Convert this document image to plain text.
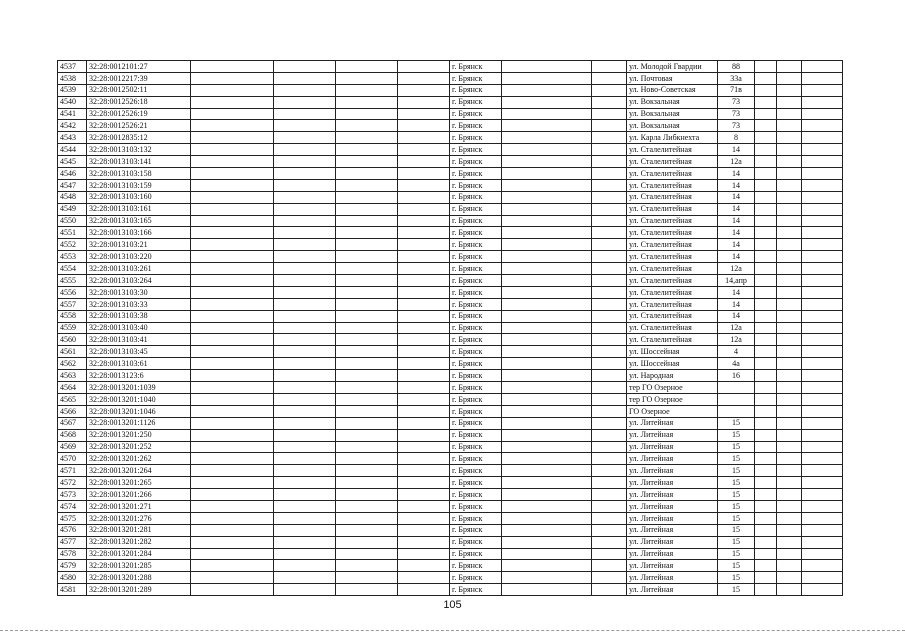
4537	32:28:0012101:27					г. Брянск			ул. Молодой Гвардии	88			
4538	32:28:0012217:39					г. Брянск			ул. Почтовая	33а			
4539	32:28:0012502:11					г. Брянск			ул. Ново-Советская	71в			
4540	32:28:0012526:18					г. Брянск			ул. Вокзальная	73			
4541	32:28:0012526:19					г. Брянск			ул. Вокзальная	73			
4542	32:28:0012526:21					г. Брянск			ул. Вокзальная	73			
4543	32:28:0012835:12					г. Брянск			ул. Карла Либкнехта	8			
4544	32:28:0013103:132					г. Брянск			ул. Сталелитейная	14			
4545	32:28:0013103:141					г. Брянск			ул. Сталелитейная	12а			
4546	32:28:0013103:158					г. Брянск			ул. Сталелитейная	14			
4547	32:28:0013103:159					г. Брянск			ул. Сталелитейная	14			
4548	32:28:0013103:160					г. Брянск			ул. Сталелитейная	14			
4549	32:28:0013103:161					г. Брянск			ул. Сталелитейная	14			
4550	32:28:0013103:165					г. Брянск			ул. Сталелитейная	14			
4551	32:28:0013103:166					г. Брянск			ул. Сталелитейная	14			
4552	32:28:0013103:21					г. Брянск			ул. Сталелитейная	14			
4553	32:28:0013103:220					г. Брянск			ул. Сталелитейная	14			
4554	32:28:0013103:261					г. Брянск			ул. Сталелитейная	12а			
4555	32:28:0013103:264					г. Брянск			ул. Сталелитейная	14,апр			
4556	32:28:0013103:30					г. Брянск			ул. Сталелитейная	14			
4557	32:28:0013103:33					г. Брянск			ул. Сталелитейная	14			
4558	32:28:0013103:38					г. Брянск			ул. Сталелитейная	14			
4559	32:28:0013103:40					г. Брянск			ул. Сталелитейная	12а			
4560	32:28:0013103:41					г. Брянск			ул. Сталелитейная	12а			
4561	32:28:0013103:45					г. Брянск			ул. Шоссейная	4			
4562	32:28:0013103:61					г. Брянск			ул. Шоссейная	4а			
4563	32:28:0013123:6					г. Брянск			ул. Народная	16			
4564	32:28:0013201:1039					г. Брянск			тер ГО Озерное				
4565	32:28:0013201:1040					г. Брянск			тер ГО Озерное				
4566	32:28:0013201:1046					г. Брянск			ГО Озерное				
4567	32:28:0013201:1126					г. Брянск			ул. Литейная	15			
4568	32:28:0013201:250					г. Брянск			ул. Литейная	15			
4569	32:28:0013201:252					г. Брянск			ул. Литейная	15			
4570	32:28:0013201:262					г. Брянск			ул. Литейная	15			
4571	32:28:0013201:264					г. Брянск			ул. Литейная	15			
4572	32:28:0013201:265					г. Брянск			ул. Литейная	15			
4573	32:28:0013201:266					г. Брянск			ул. Литейная	15			
4574	32:28:0013201:271					г. Брянск			ул. Литейная	15			
4575	32:28:0013201:276					г. Брянск			ул. Литейная	15			
4576	32:28:0013201:281					г. Брянск			ул. Литейная	15			
4577	32:28:0013201:282					г. Брянск			ул. Литейная	15			
4578	32:28:0013201:284					г. Брянск			ул. Литейная	15			
4579	32:28:0013201:285					г. Брянск			ул. Литейная	15			
4580	32:28:0013201:288					г. Брянск			ул. Литейная	15			
4581	32:28:0013201:289					г. Брянск			ул. Литейная	15			
105
